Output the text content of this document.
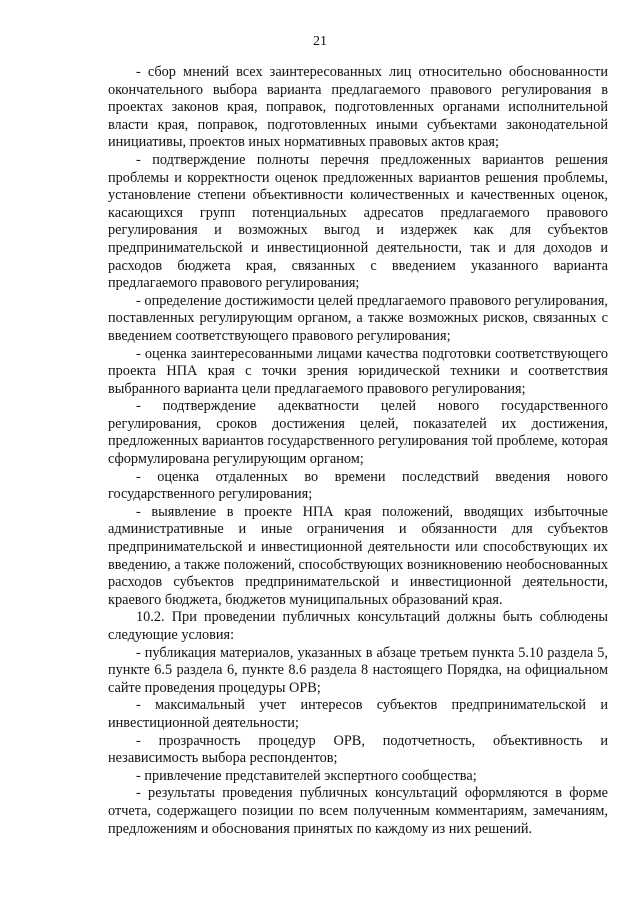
21

- сбор мнений всех заинтересованных лиц относительно обоснованности окончательного выбора варианта предлагаемого правового регулирования в проектах законов края, поправок, подготовленных органами исполнительной власти края, поправок, подготовленных иными субъектами законодательной инициативы, проектов иных нормативных правовых актов края;

- подтверждение полноты перечня предложенных вариантов решения проблемы и корректности оценок предложенных вариантов решения проблемы, установление степени объективности количественных и качественных оценок, касающихся групп потенциальных адресатов предлагаемого правового регулирования и возможных выгод и издержек как для субъектов предпринимательской и инвестиционной деятельности, так и для доходов и расходов бюджета края, связанных с введением указанного варианта предлагаемого правового регулирования;

- определение достижимости целей предлагаемого правового регулирования, поставленных регулирующим органом, а также возможных рисков, связанных с введением соответствующего правового регулирования;

- оценка заинтересованными лицами качества подготовки соответствующего проекта НПА края с точки зрения юридической техники и соответствия выбранного варианта цели предлагаемого правового регулирования;

- подтверждение адекватности целей нового государственного регулирования, сроков достижения целей, показателей их достижения, предложенных вариантов государственного регулирования той проблеме, которая сформулирована регулирующим органом;

- оценка отдаленных во времени последствий введения нового государственного регулирования;

- выявление в проекте НПА края положений, вводящих избыточные административные и иные ограничения и обязанности для субъектов предпринимательской и инвестиционной деятельности или способствующих их введению, а также положений, способствующих возникновению необоснованных расходов субъектов предпринимательской и инвестиционной деятельности, краевого бюджета, бюджетов муниципальных образований края.

10.2. При проведении публичных консультаций должны быть соблюдены следующие условия:

- публикация материалов, указанных в абзаце третьем пункта 5.10 раздела 5, пункте 6.5 раздела 6, пункте 8.6 раздела 8 настоящего Порядка, на официальном сайте проведения процедуры ОРВ;

- максимальный учет интересов субъектов предпринимательской и инвестиционной деятельности;

- прозрачность процедур ОРВ, подотчетность, объективность и независимость выбора респондентов;

- привлечение представителей экспертного сообщества;

- результаты проведения публичных консультаций оформляются в форме отчета, содержащего позиции по всем полученным комментариям, замечаниям, предложениям и обоснования принятых по каждому из них решений.
